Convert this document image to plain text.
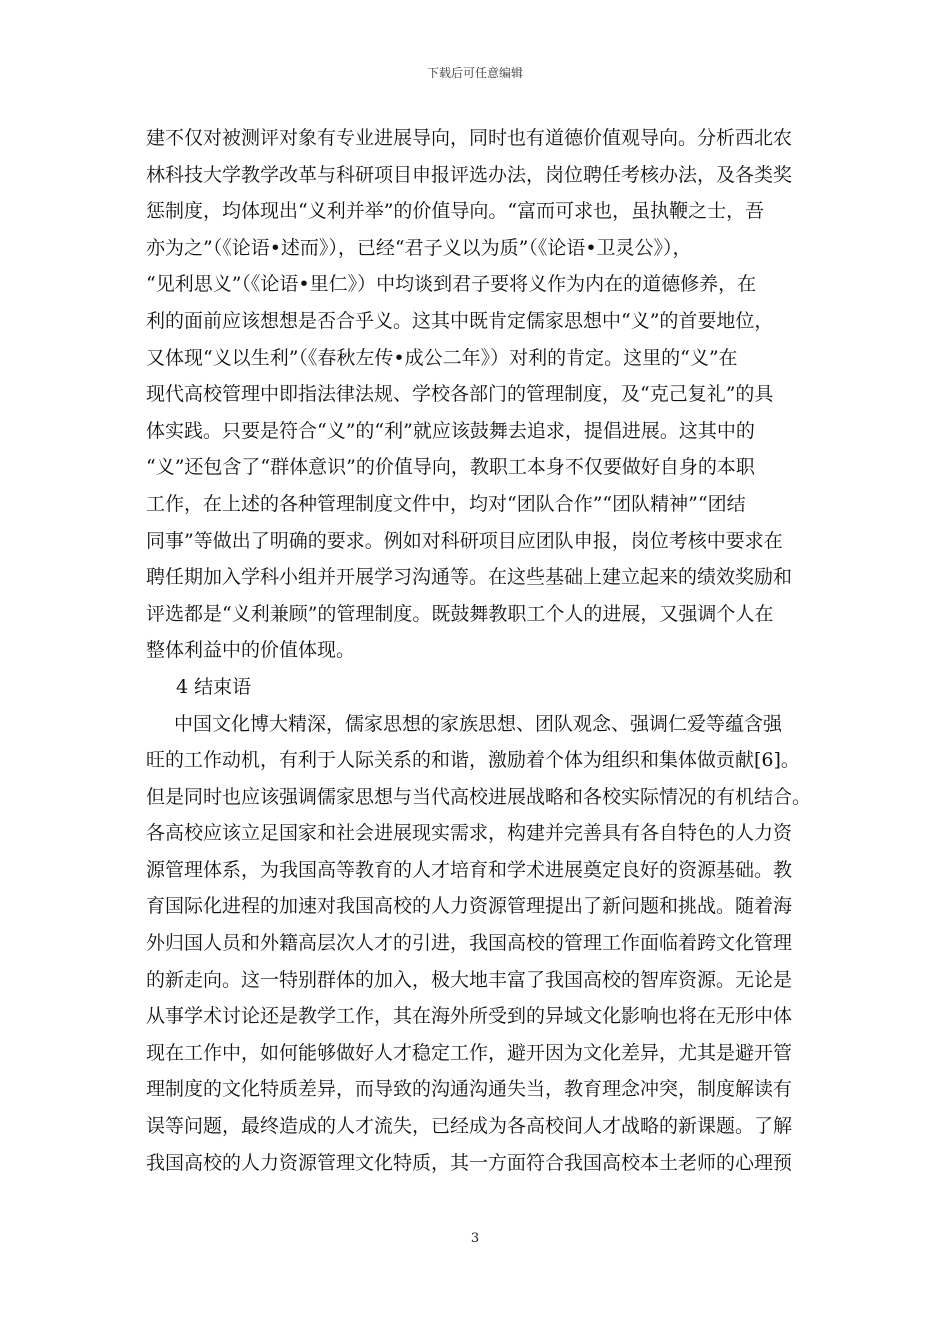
下载后可任意编辑
建不仅对被测评对象有专业进展导向，同时也有道德价值观导向。分析西北农
林科技大学教学改革与科研项目申报评选办法，岗位聘任考核办法，及各类奖
惩制度，均体现出“义利并举”的价值导向。“富而可求也，虽执鞭之士，吾
亦为之”（《论语•述而》），已经“君子义以为质”（《论语•卫灵公》），
“见利思义”（《论语•里仁》）中均谈到君子要将义作为内在的道德修养，在
利的面前应该想想是否合乎义。这其中既肯定儒家思想中“义”的首要地位，
又体现“义以生利”（《春秋左传•成公二年》）对利的肯定。这里的“义”在
现代高校管理中即指法律法规、学校各部门的管理制度，及“克己复礼”的具
体实践。只要是符合“义”的“利”就应该鼓舞去追求，提倡进展。这其中的
“义”还包含了“群体意识”的价值导向，教职工本身不仅要做好自身的本职
工作，在上述的各种管理制度文件中，均对“团队合作”“团队精神”“团结
同事”等做出了明确的要求。例如对科研项目应团队申报，岗位考核中要求在
聘任期加入学科小组并开展学习沟通等。在这些基础上建立起来的绩效奖励和
评选都是“义利兼顾”的管理制度。既鼓舞教职工个人的进展，又强调个人在
整体利益中的价值体现。
4 结束语
中国文化博大精深，儒家思想的家族思想、团队观念、强调仁爱等蕴含强
旺的工作动机，有利于人际关系的和谐，激励着个体为组织和集体做贡献[6]。
但是同时也应该强调儒家思想与当代高校进展战略和各校实际情况的有机结合。
各高校应该立足国家和社会进展现实需求，构建并完善具有各自特色的人力资
源管理体系，为我国高等教育的人才培育和学术进展奠定良好的资源基础。教
育国际化进程的加速对我国高校的人力资源管理提出了新问题和挑战。随着海
外归国人员和外籍高层次人才的引进，我国高校的管理工作面临着跨文化管理
的新走向。这一特别群体的加入，极大地丰富了我国高校的智库资源。无论是
从事学术讨论还是教学工作，其在海外所受到的异域文化影响也将在无形中体
现在工作中，如何能够做好人才稳定工作，避开因为文化差异，尤其是避开管
理制度的文化特质差异，而导致的沟通沟通失当，教育理念冲突，制度解读有
误等问题，最终造成的人才流失，已经成为各高校间人才战略的新课题。了解
我国高校的人力资源管理文化特质，其一方面符合我国高校本土老师的心理预
3
